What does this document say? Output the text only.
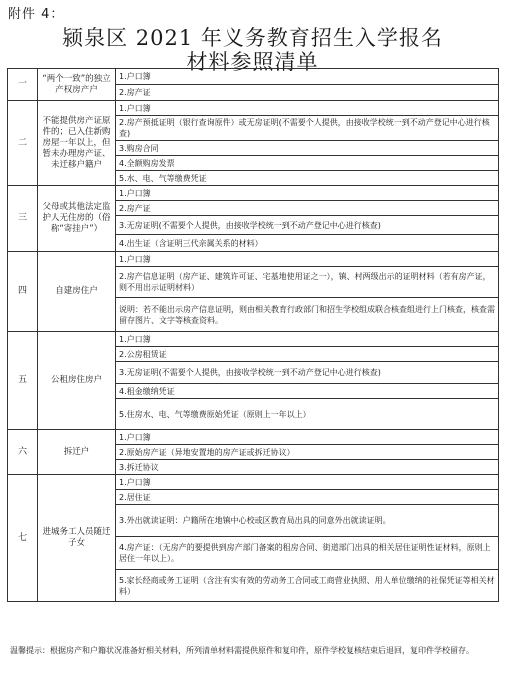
附件 4：
颍泉区 2021 年义务教育招生入学报名
材料参照清单
一	“两个一致”的独立产权房产户	1.户口簿
		2.房产证
二	不能提供房产证原件的；已入住新购房屋一年以上，但暂未办理房产证、未迁移户籍户	1.户口簿
		2.房产预抵证明（银行查询原件）或无房证明(不需要个人提供，由接收学校统一到不动产登记中心进行核查)
		3.购房合同
		4.全额购房发票
		5.水、电、气等缴费凭证
三	父母或其他法定监护人无住房的（俗称“寄挂户”）	1.户口簿
		2.房产证
		3.无房证明(不需要个人提供，由接收学校统一到不动产登记中心进行核查)
		4.出生证（含证明三代亲属关系的材料）
四	自建房住户	1.户口簿
		2.房产信息证明（房产证、建筑许可证、宅基地使用证之一），镇、村两级出示的证明材料（若有房产证，则不用出示证明材料）
		说明：若不能出示房产信息证明，则由相关教育行政部门和招生学校组成联合核查组进行上门核查，核查需留存图片、文字等核查资料。
五	公租房住房户	1.户口簿
		2.公房租赁证
		3.无房证明(不需要个人提供，由接收学校统一到不动产登记中心进行核查)
		4.租金缴纳凭证
		5.住房水、电、气等缴费原始凭证（原则上一年以上）
六	拆迁户	1.户口簿
		2.原始房产证（异地安置地的房产证或拆迁协议）
		3.拆迁协议
七	进城务工人员随迁子女	1.户口簿
		2.居住证
		3.外出就读证明：户籍所在地镇中心校或区教育局出具的同意外出就读证明。
		4.房产证：（无房产的要提供到房产部门备案的租房合同、街道部门出具的相关居住证明性证材料，原则上居住一年以上）。
		5.家长经商或务工证明（含注有实有效的劳动务工合同或工商营业执照、用人单位缴纳的社保凭证等相关材料）
温馨提示：根据房产和户籍状况准备好相关材料，所列清单材料需提供原件和复印件，原件学校复核结束后退回，复印件学校留存。
